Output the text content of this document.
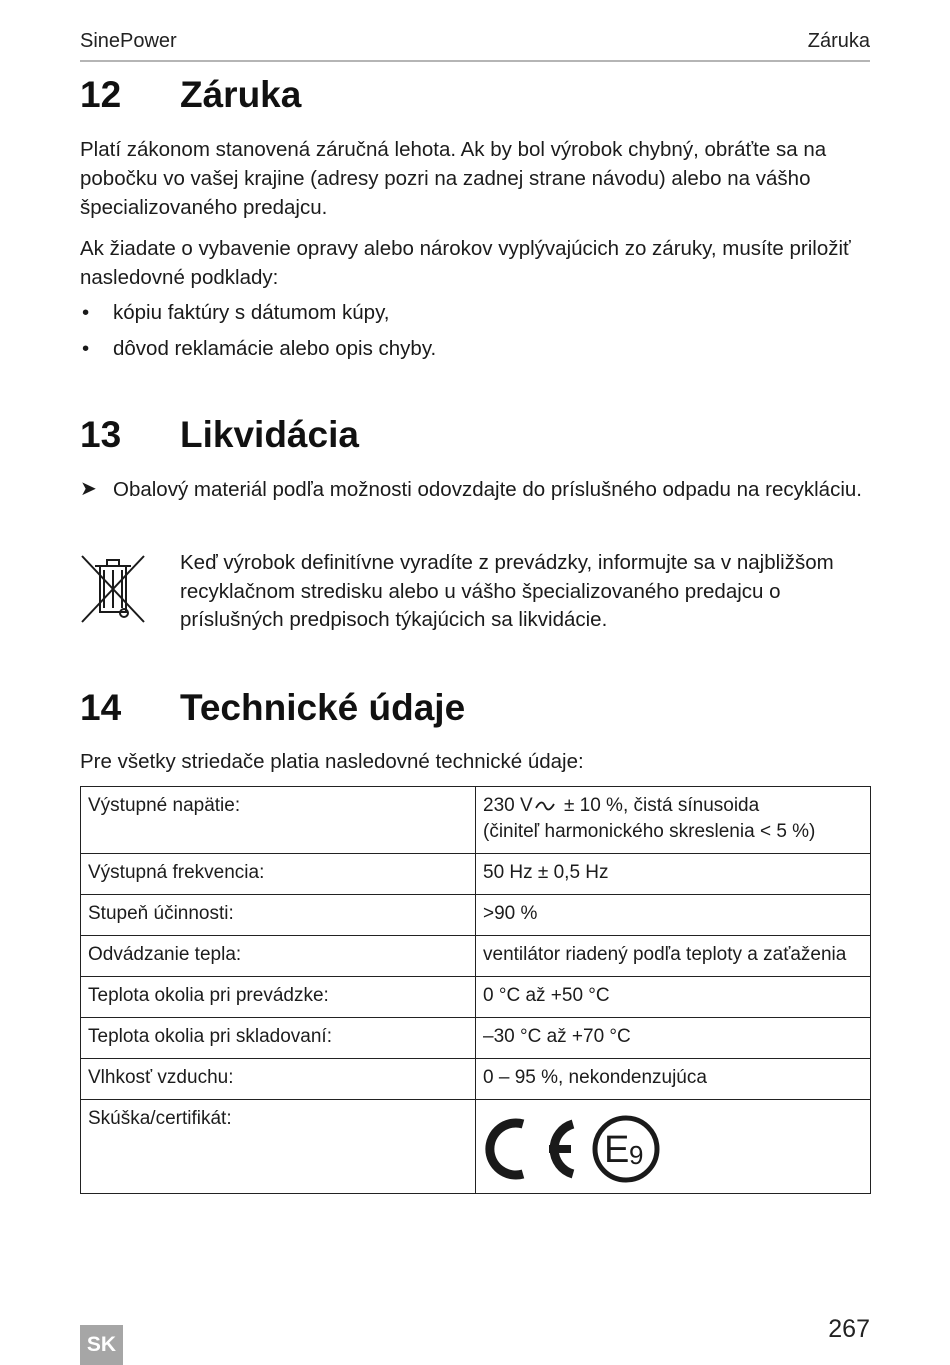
SinePower	Záruka
12 Záruka

Platí zákonom stanovená záručná lehota. Ak by bol výrobok chybný, obráťte sa na pobočku vo vašej krajine (adresy pozri na zadnej strane návodu) alebo na vášho špecializovaného predajcu.

Ak žiadate o vybavenie opravy alebo nárokov vyplývajúcich zo záruky, musíte priložiť nasledovné podklady:

• kópiu faktúry s dátumom kúpy,
• dôvod reklamácie alebo opis chyby.
13 Likvidácia
➤ Obalový materiál podľa možnosti odovzdajte do príslušného odpadu na recykláciu.

Keď výrobok definitívne vyradíte z prevádzky, informujte sa v najbližšom recyklačnom stredisku alebo u vášho špecializovaného predajcu o príslušných predpisoch týkajúcich sa likvidácie.

14 Technické údaje

Pre všetky striedače platia nasledovné technické údaje:

Výstupné napätie:	230 V ± 10 %, čistá sínusoida
(činiteľ harmonického skreslenia < 5 %)

Výstupná frekvencia:	50 Hz ± 0,5 Hz
Stupeň účinnosti:	>90 %
Odvádzanie tepla:	ventilátor riadený podľa teploty a zaťaženia
Teplota okolia pri prevádzke:	0 °C až +50 °C
Teplota okolia pri skladovaní:	–30 °C až +70 °C
Vlhkosť vzduchu:	0 – 95 %, nekondenzujúca
Skúška/certifikát:	E 9
SK
267
